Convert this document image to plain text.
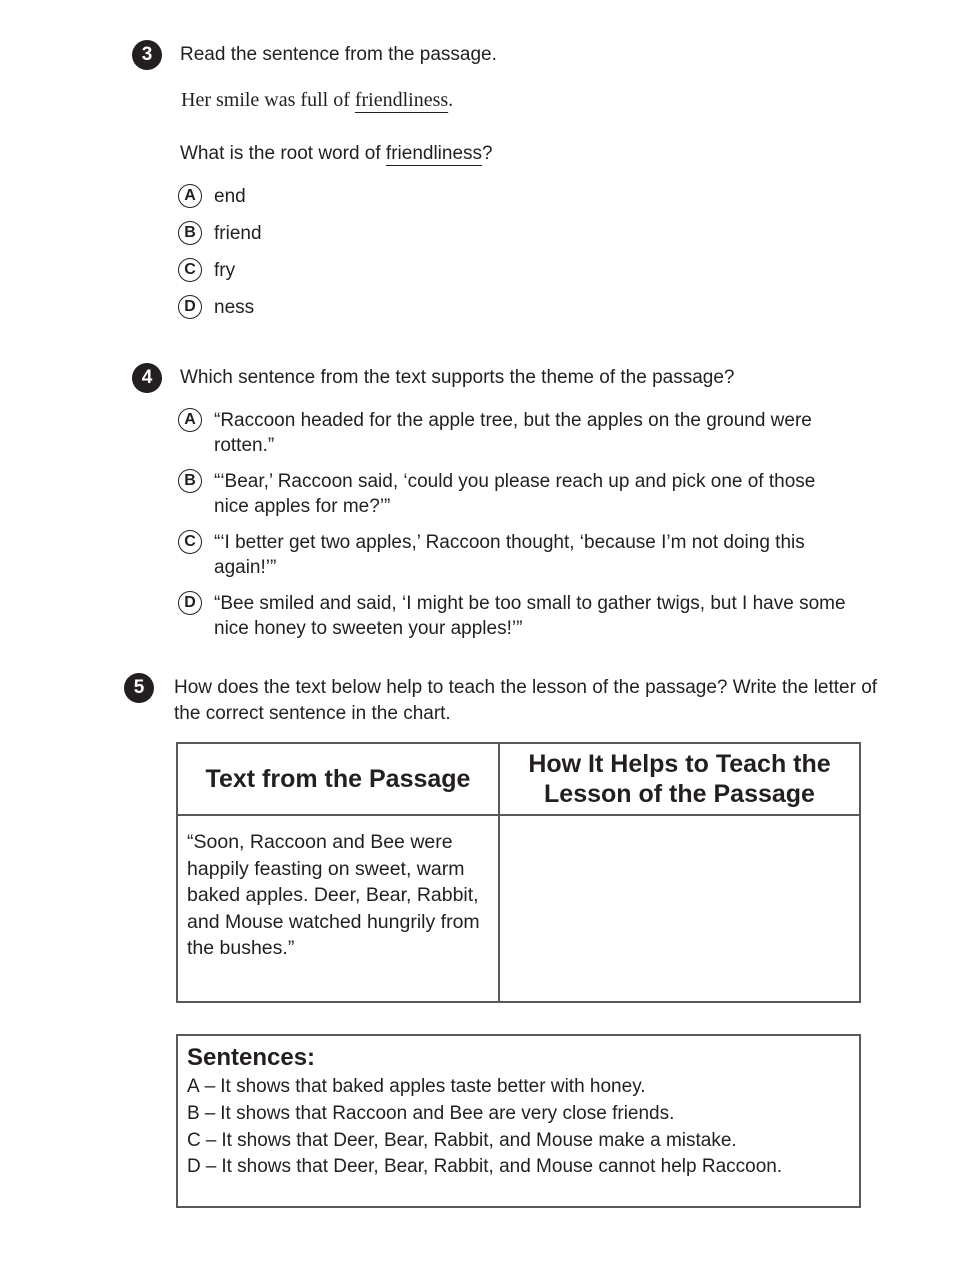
3	Read the sentence from the passage.
Her smile was full of friendliness.
What is the root word of friendliness?
A end
B friend
C fry
D ness
4	Which sentence from the text supports the theme of the passage?
A “Raccoon headed for the apple tree, but the apples on the ground were rotten.”
B “‘Bear,’ Raccoon said, ‘could you please reach up and pick one of those nice apples for me?’”
C “‘I better get two apples,’ Raccoon thought, ‘because I’m not doing this again!’”
D “Bee smiled and said, ‘I might be too small to gather twigs, but I have some nice honey to sweeten your apples!’”
5	How does the text below help to teach the lesson of the passage? Write the letter of the correct sentence in the chart.
Text from the Passage	How It Helps to Teach the Lesson of the Passage
“Soon, Raccoon and Bee were happily feasting on sweet, warm baked apples. Deer, Bear, Rabbit, and Mouse watched hungrily from the bushes.”	
Sentences:
A – It shows that baked apples taste better with honey.
B – It shows that Raccoon and Bee are very close friends.
C – It shows that Deer, Bear, Rabbit, and Mouse make a mistake.
D – It shows that Deer, Bear, Rabbit, and Mouse cannot help Raccoon.
